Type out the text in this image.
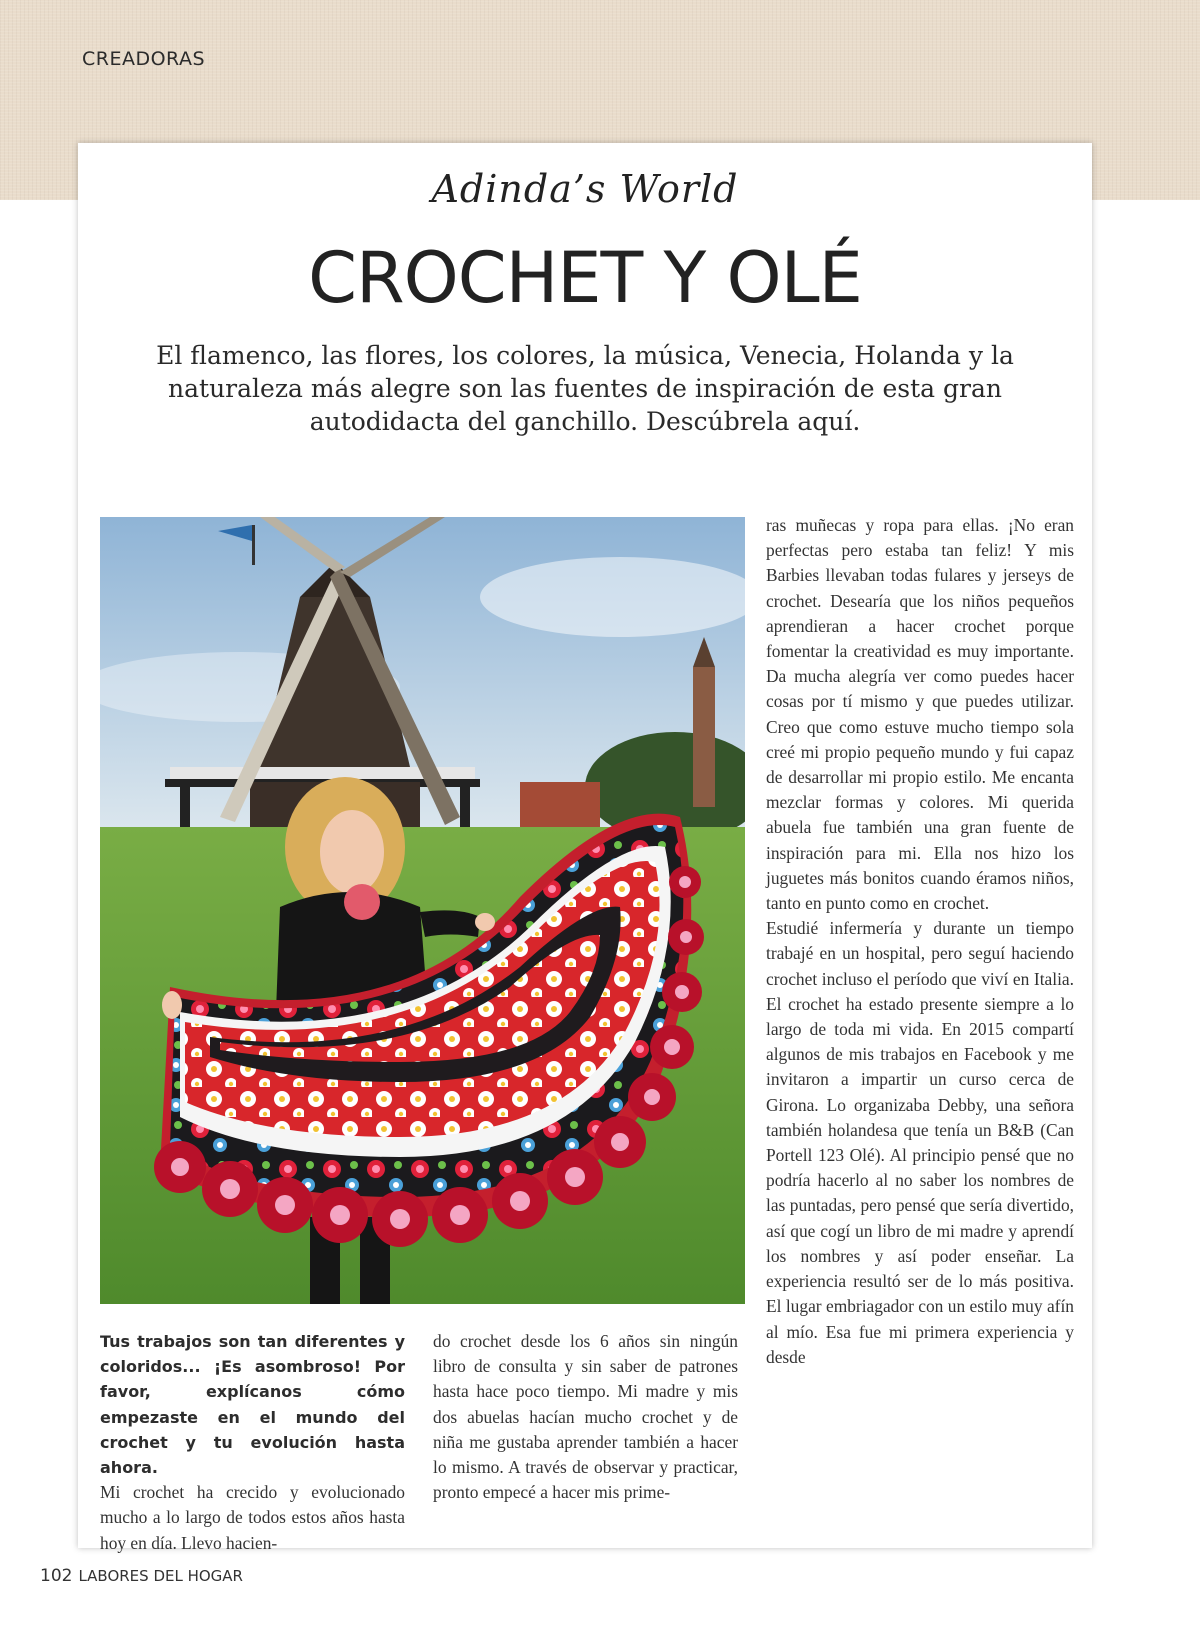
CREADORAS
Adinda’s World
CROCHET Y OLÉ

El flamenco, las flores, los colores, la música, Venecia, Holanda y la naturaleza más alegre son las fuentes de inspiración de esta gran autodidacta del ganchillo. Descúbrela aquí.

Tus trabajos son tan diferentes y coloridos... ¡Es asombroso! Por favor, explícanos cómo empezaste en el mundo del crochet y tu evolución hasta ahora.

Mi crochet ha crecido y evolucionado mucho a lo largo de todos estos años hasta hoy en día. Llevo hacien-

do crochet desde los 6 años sin ningún libro de consulta y sin saber de patrones hasta hace poco tiempo. Mi madre y mis dos abuelas hacían mucho crochet y de niña me gustaba aprender también a hacer lo mismo. A través de observar y practicar, pronto empecé a hacer mis prime-

ras muñecas y ropa para ellas. ¡No eran perfectas pero estaba tan feliz! Y mis Barbies llevaban todas fulares y jerseys de crochet. Desearía que los niños pequeños aprendieran a hacer crochet porque fomentar la creatividad es muy importante. Da mucha alegría ver como puedes hacer cosas por tí mismo y que puedes utilizar. Creo que como estuve mucho tiempo sola creé mi propio pequeño mundo y fui capaz de desarrollar mi propio estilo. Me encanta mezclar formas y colores. Mi querida abuela fue también una gran fuente de inspiración para mi. Ella nos hizo los juguetes más bonitos cuando éramos niños, tanto en punto como en crochet.

Estudié infermería y durante un tiempo trabajé en un hospital, pero seguí haciendo crochet incluso el período que viví en Italia. El crochet ha estado presente siempre a lo largo de toda mi vida. En 2015 compartí algunos de mis trabajos en Facebook y me invitaron a impartir un curso cerca de Girona. Lo organizaba Debby, una señora también holandesa que tenía un B&B (Can Portell 123 Olé). Al principio pensé que no podría hacerlo al no saber los nombres de las puntadas, pero pensé que sería divertido, así que cogí un libro de mi madre y aprendí los nombres y así poder enseñar. La experiencia resultó ser de lo más positiva. El lugar embriagador con un estilo muy afín al mío. Esa fue mi primera experiencia y desde

102 LABORES DEL HOGAR
